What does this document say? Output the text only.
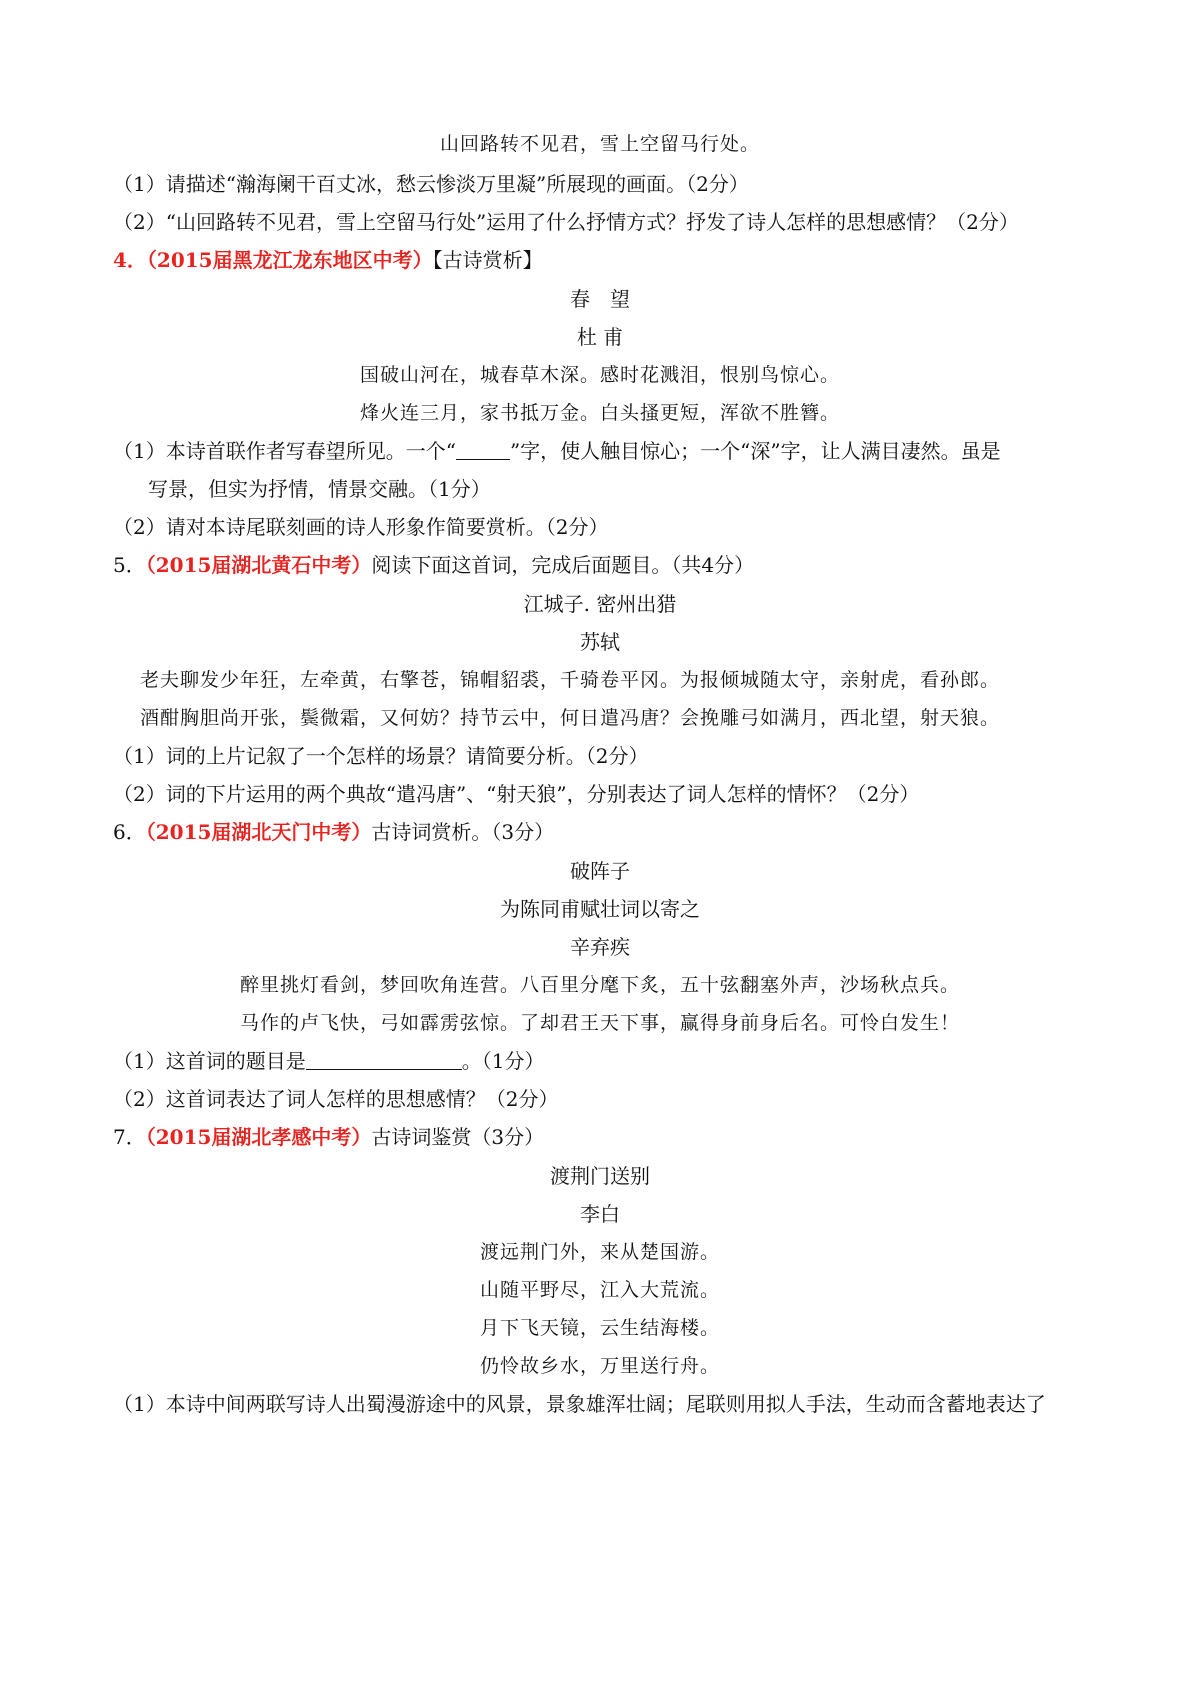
山回路转不见君，雪上空留马行处。
（1）请描述“瀚海阑干百丈冰，愁云惨淡万里凝”所展现的画面。（2分）
（2）“山回路转不见君，雪上空留马行处”运用了什么抒情方式？抒发了诗人怎样的思想感情？（2分）
4．（2015届黑龙江龙东地区中考）【古诗赏析】
春　望
杜 甫
国破山河在，城春草木深。感时花溅泪，恨别鸟惊心。
烽火连三月，家书抵万金。白头搔更短，浑欲不胜簪。
（1）本诗首联作者写春望所见。一个“	”字，使人触目惊心；一个“深”字，让人满目凄然。虽是
写景，但实为抒情，情景交融。（1分）
（2）请对本诗尾联刻画的诗人形象作简要赏析。（2分）
5．（2015届湖北黄石中考）阅读下面这首词，完成后面题目。（共4分）
江城子. 密州出猎
苏轼
老夫聊发少年狂，左牵黄，右擎苍，锦帽貂裘，千骑卷平冈。为报倾城随太守，亲射虎，看孙郎。
酒酣胸胆尚开张，鬓微霜，又何妨？持节云中，何日遣冯唐？会挽雕弓如满月，西北望，射天狼。
（1）词的上片记叙了一个怎样的场景？请简要分析。（2分）
（2）词的下片运用的两个典故“遣冯唐”、“射天狼”，分别表达了词人怎样的情怀？（2分）
6．（2015届湖北天门中考）古诗词赏析。（3分）
破阵子
为陈同甫赋壮词以寄之
辛弃疾
醉里挑灯看剑，梦回吹角连营。八百里分麾下炙，五十弦翻塞外声，沙场秋点兵。
马作的卢飞快，弓如霹雳弦惊。了却君王天下事，赢得身前身后名。可怜白发生！
（1）这首词的题目是	。（1分）
（2）这首词表达了词人怎样的思想感情？（2分）
7．（2015届湖北孝感中考）古诗词鉴赏（3分）
渡荆门送别
李白
渡远荆门外，来从楚国游。
山随平野尽，江入大荒流。
月下飞天镜，云生结海楼。
仍怜故乡水，万里送行舟。
（1）本诗中间两联写诗人出蜀漫游途中的风景，景象雄浑壮阔；尾联则用拟人手法，生动而含蓄地表达了
